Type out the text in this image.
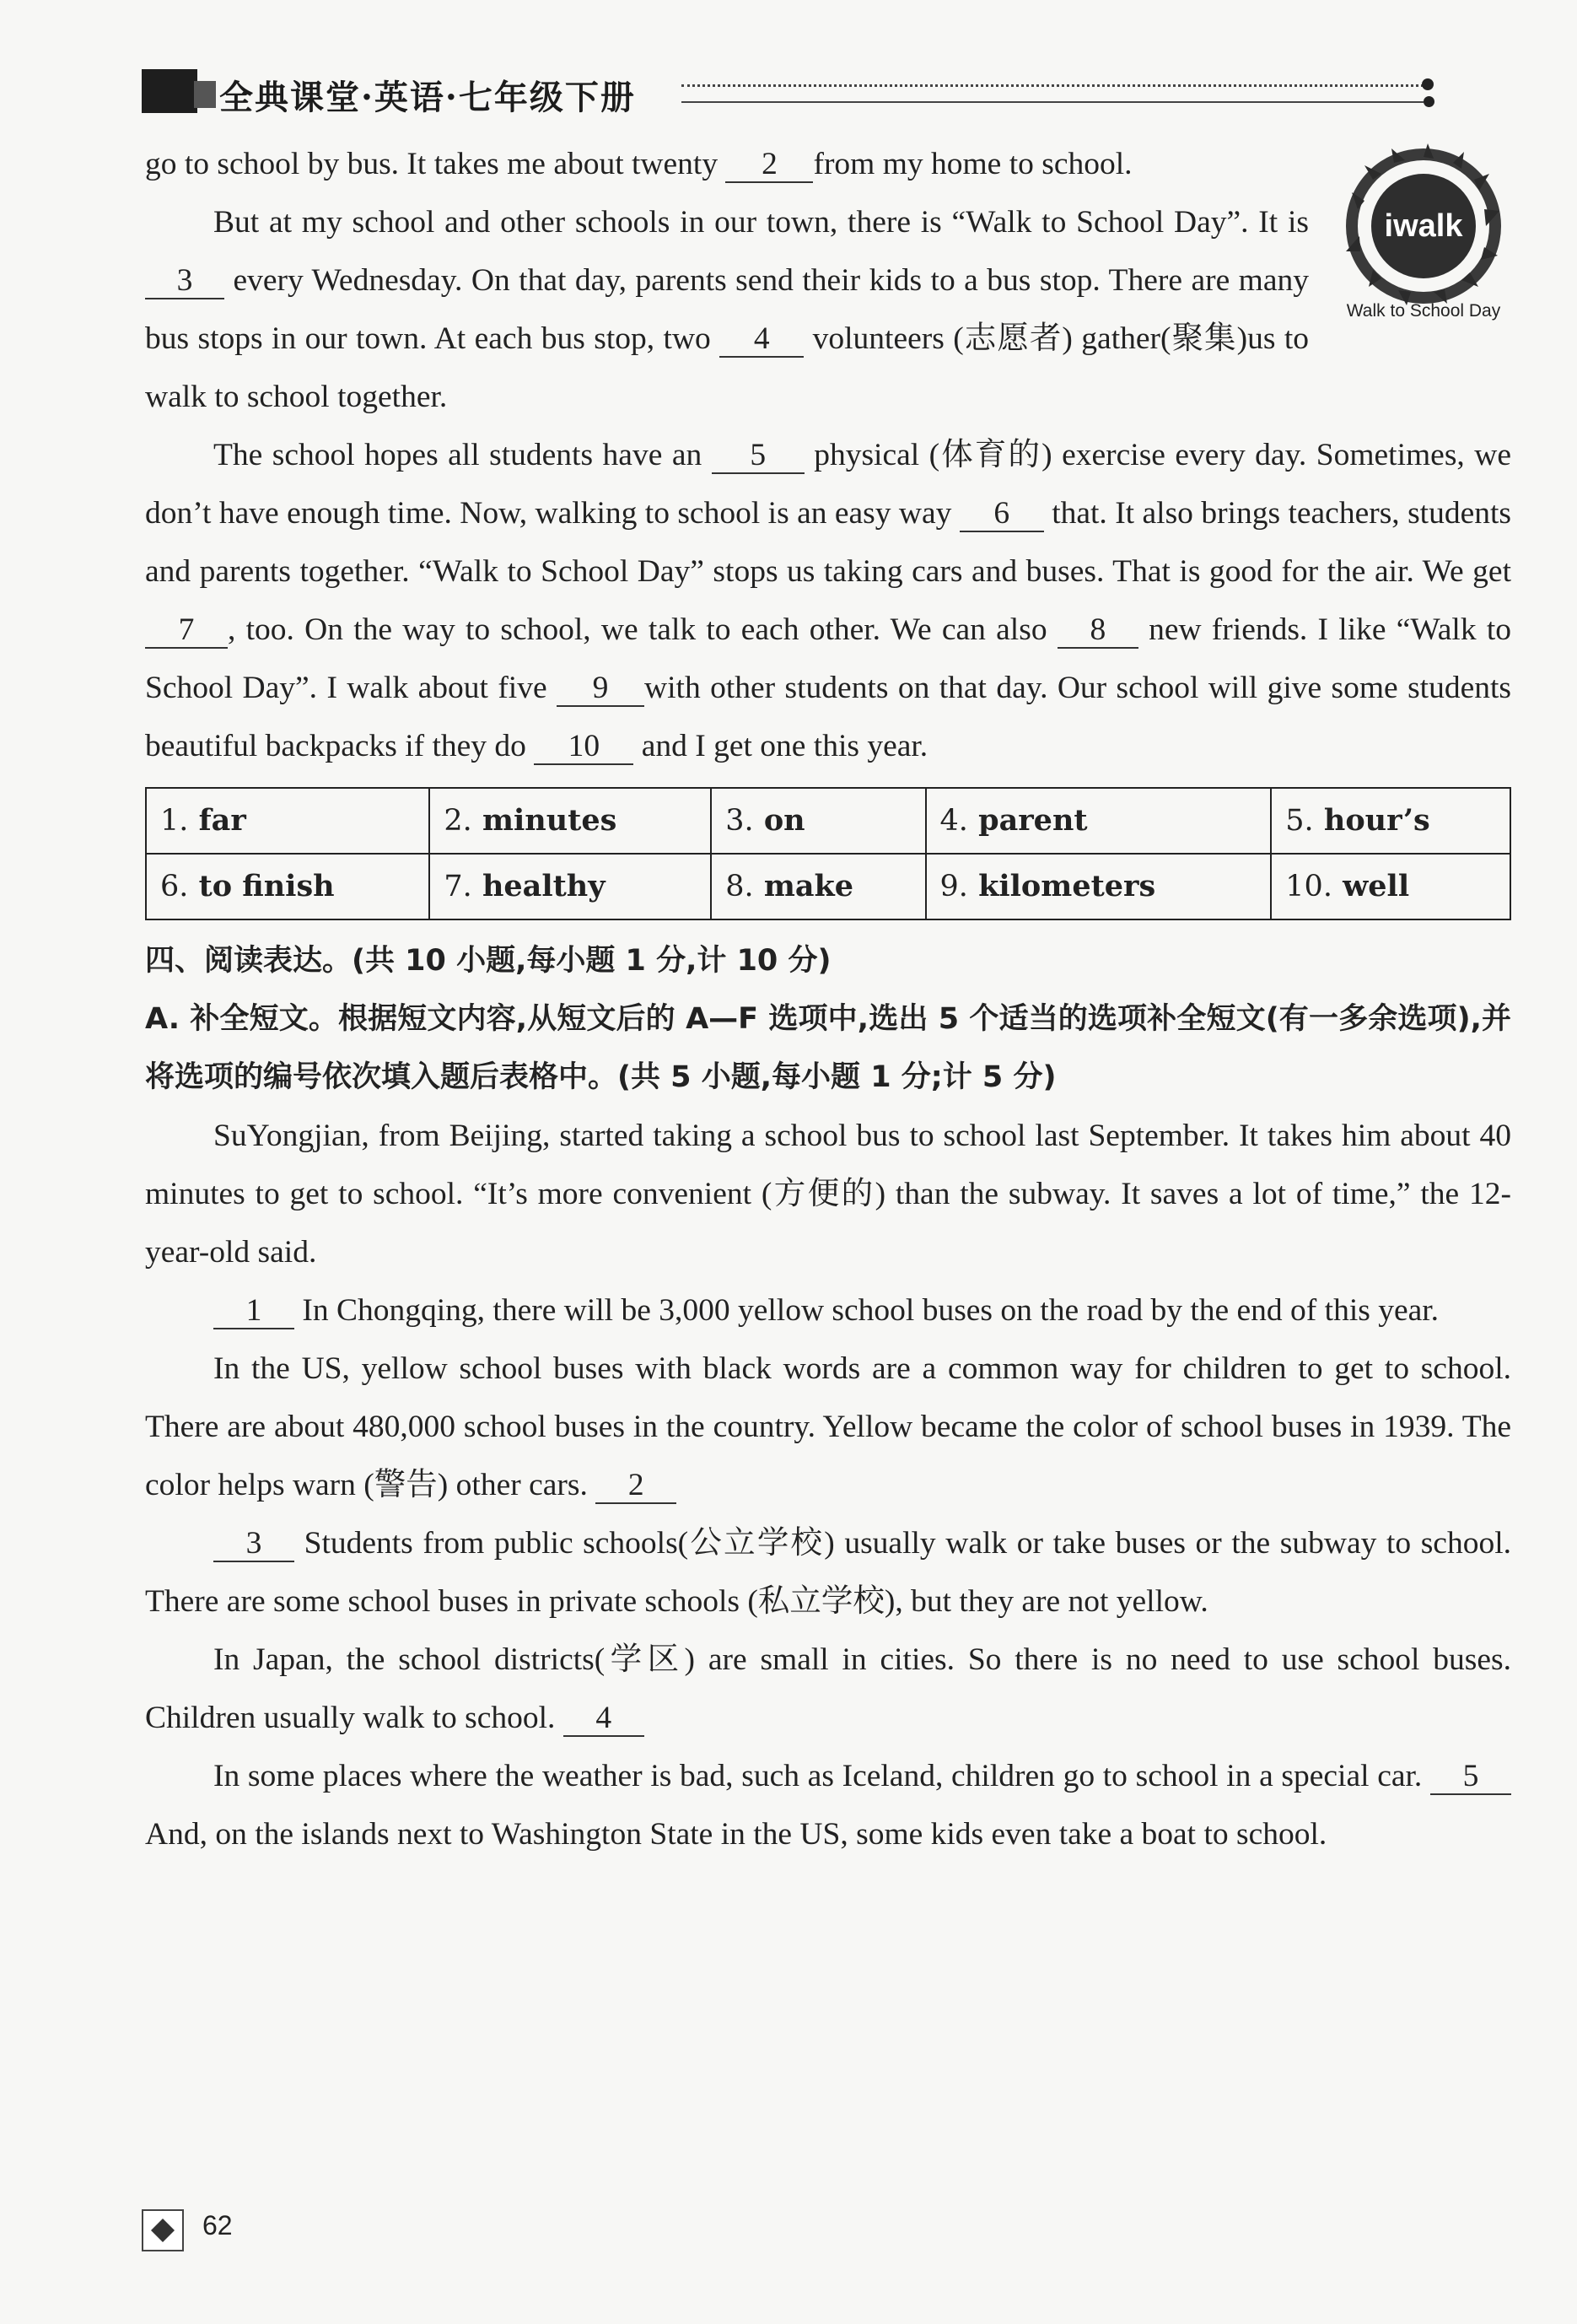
全典课堂·英语·七年级下册
iwalk
Walk to School Day

go to school by bus. It takes me about twenty 2 from my home to school.

But at my school and other schools in our town, there is “Walk to School Day”. It is 3 every Wednesday. On that day, parents send their kids to a bus stop. There are many bus stops in our town. At each bus stop, two 4 volunteers (志愿者) gather(聚集)us to walk to school together.

The school hopes all students have an 5 physical (体育的) exercise every day. Sometimes, we don’t have enough time. Now, walking to school is an easy way 6 that. It also brings teachers, students and parents together. “Walk to School Day” stops us taking cars and buses. That is good for the air. We get 7 , too. On the way to school, we talk to each other. We can also 8 new friends. I like “Walk to School Day”. I walk about five 9 with other students on that day. Our school will give some students beautiful backpacks if they do 10 and I get one this year.

1. far	2. minutes	3. on	4. parent	5. hour’s
6. to finish	7. healthy	8. make	9. kilometers	10. well

四、阅读表达。(共 10 小题,每小题 1 分,计 10 分)

A. 补全短文。根据短文内容,从短文后的 A—F 选项中,选出 5 个适当的选项补全短文(有一多余选项),并将选项的编号依次填入题后表格中。(共 5 小题,每小题 1 分;计 5 分)

SuYongjian, from Beijing, started taking a school bus to school last September. It takes him about 40 minutes to get to school. “It’s more convenient (方便的) than the subway. It saves a lot of time,” the 12-year-old said.

1 In Chongqing, there will be 3,000 yellow school buses on the road by the end of this year.

In the US, yellow school buses with black words are a common way for children to get to school. There are about 480,000 school buses in the country. Yellow became the color of school buses in 1939. The color helps warn (警告) other cars. 2

3 Students from public schools(公立学校) usually walk or take buses or the subway to school. There are some school buses in private schools (私立学校), but they are not yellow.

In Japan, the school districts(学区) are small in cities. So there is no need to use school buses. Children usually walk to school. 4

In some places where the weather is bad, such as Iceland, children go to school in a special car. 5 And, on the islands next to Washington State in the US, some kids even take a boat to school.

62
